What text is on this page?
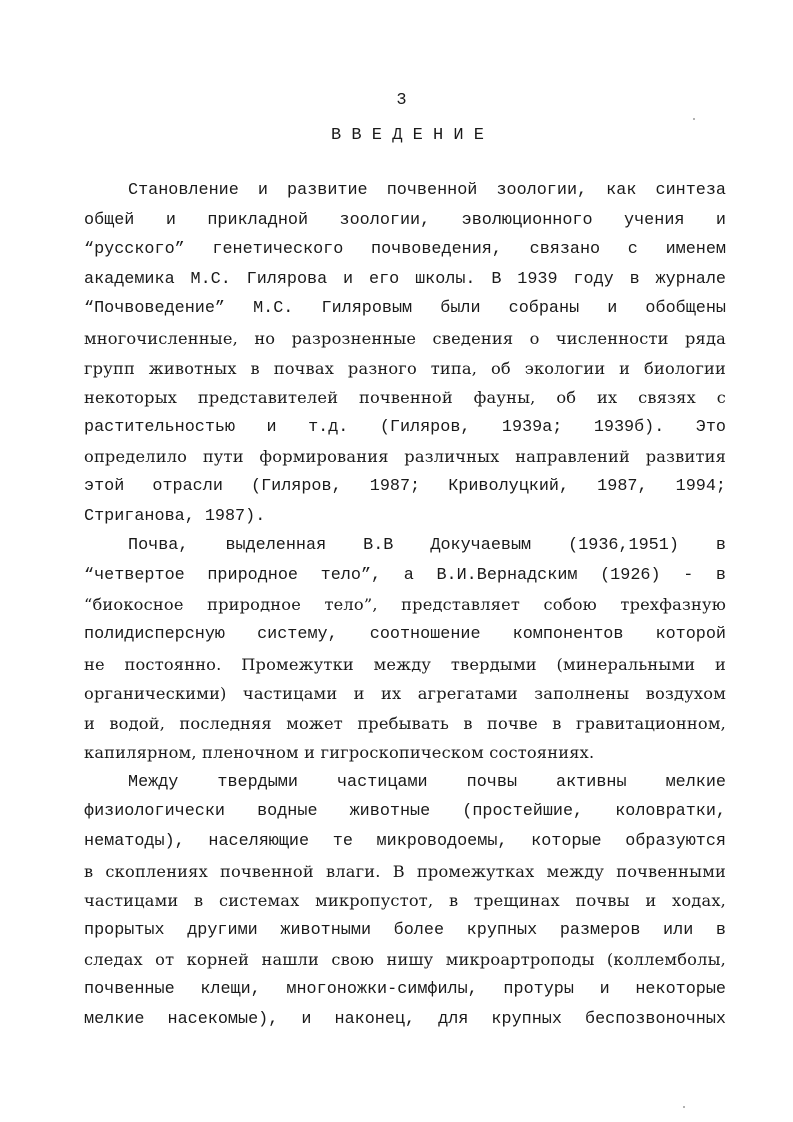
3
В В Е Д Е Н И Е
Становление и развитие почвенной зоологии, как синтеза
общей и прикладной зоологии, эволюционного учения и
“русского” генетического почвоведения, связано с именем
академика М.С. Гилярова и его школы. В 1939 году в журнале
“Почвоведение” М.С. Гиляровым были собраны и обобщены
многочисленные, но разрозненные сведения о численности ряда
групп животных в почвах разного типа, об экологии и биологии
некоторых представителей почвенной фауны, об их связях с
растительностью и т.д. (Гиляров, 1939а; 1939б). Это
определило пути формирования различных направлений развития
этой отрасли (Гиляров, 1987; Криволуцкий, 1987, 1994;
Стриганова, 1987).
Почва, выделенная В.В Докучаевым (1936,1951) в
“четвертое природное тело”, а В.И.Вернадским (1926) - в
“биокосное природное тело”, представляет собою трехфазную
полидисперсную систему, соотношение компонентов которой
не постоянно. Промежутки между твердыми (минеральными и
органическими) частицами и их агрегатами заполнены воздухом
и водой, последняя может пребывать в почве в гравитационном,
капилярном, пленочном и гигроскопическом состояниях.
Между твердыми частицами почвы активны мелкие
физиологически водные животные (простейшие, коловратки,
нематоды), населяющие те микроводоемы, которые образуются
в скоплениях почвенной влаги. В промежутках между почвенными
частицами в системах микропустот, в трещинах почвы и ходах,
прорытых другими животными более крупных размеров или в
следах от корней нашли свою нишу микроартроподы (коллемболы,
почвенные клещи, многоножки-симфилы, протуры и некоторые
мелкие насекомые), и наконец, для крупных беспозвоночных
